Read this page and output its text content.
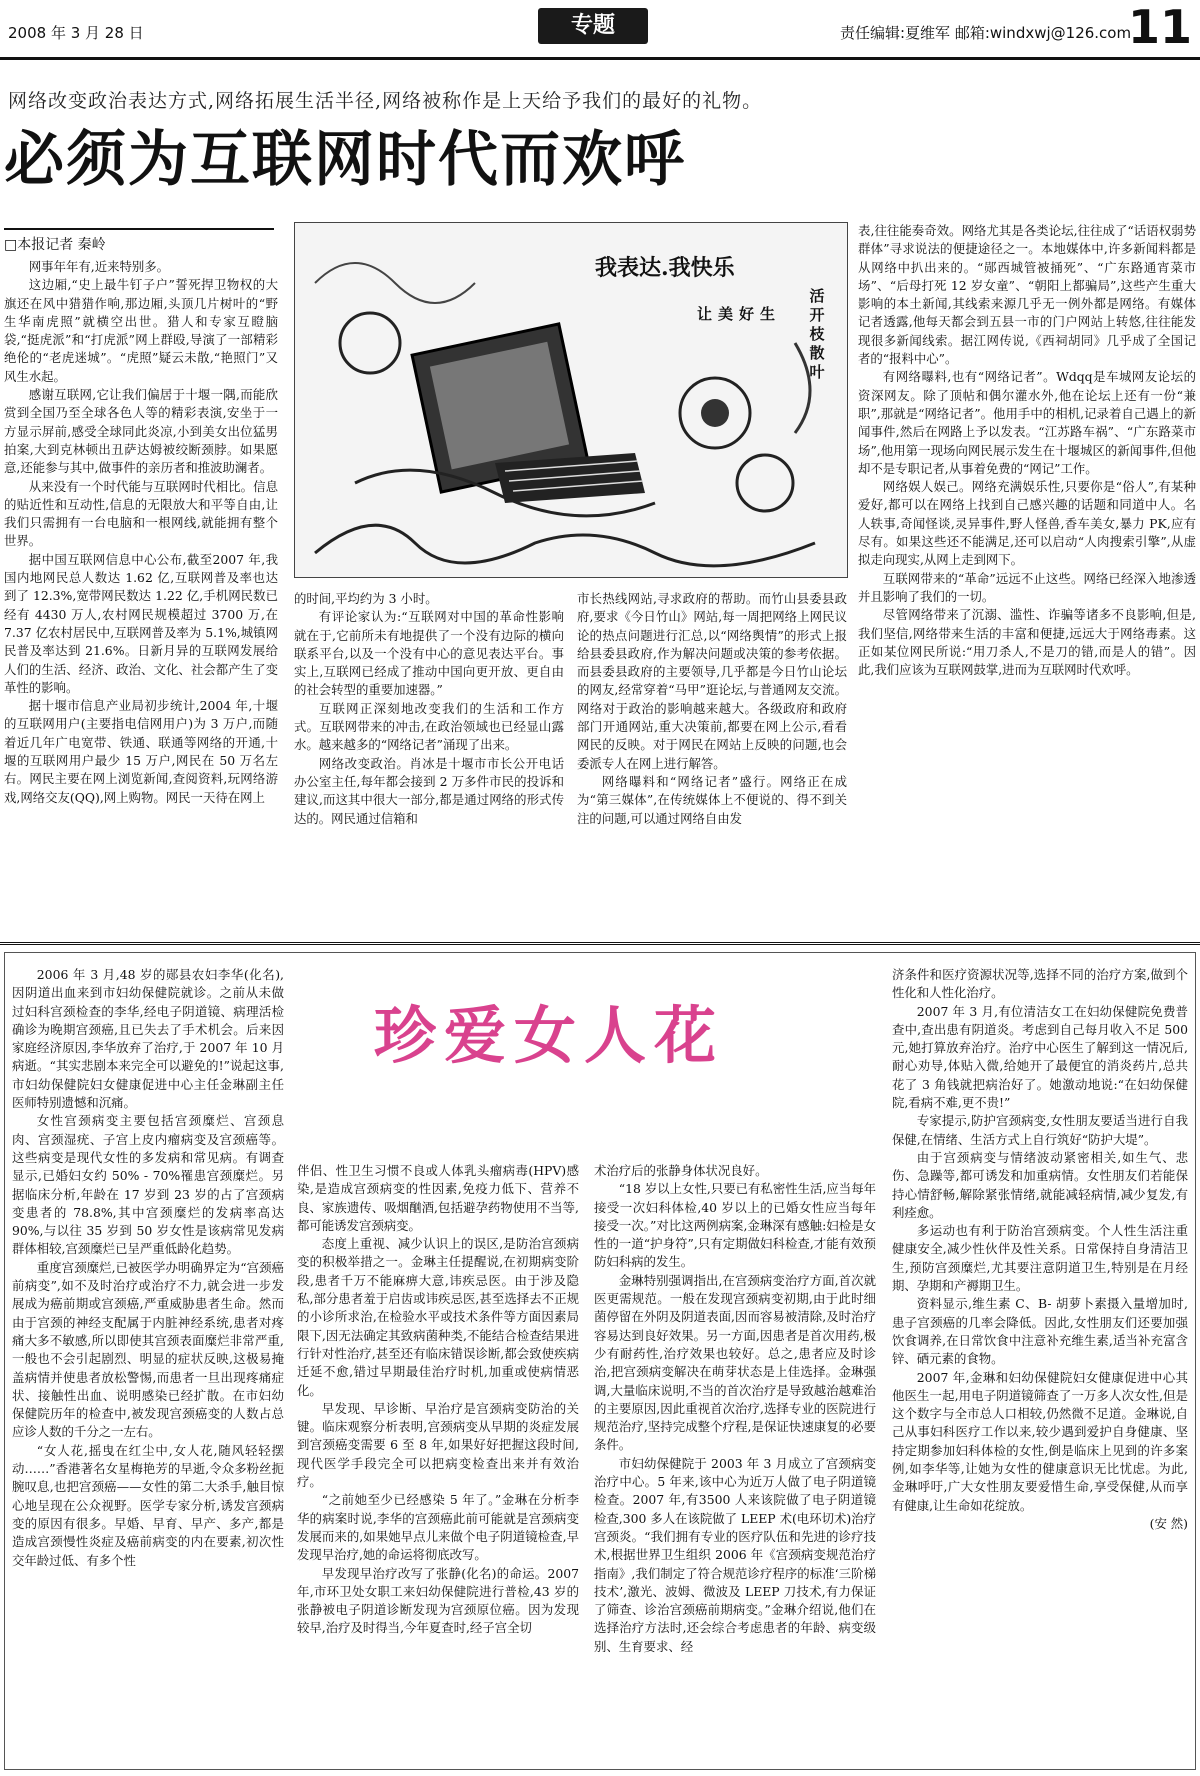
2008 年 3 月 28 日	专题	责任编辑:夏维军 邮箱:windxwj@126.com
11
网络改变政治表达方式,网络拓展生活半径,网络被称作是上天给予我们的最好的礼物。
必须为互联网时代而欢呼
□本报记者 秦岭

网事年年有,近来特别多。

这边厢,“史上最牛钉子户”誓死捍卫物权的大旗还在风中猎猎作响,那边厢,头顶几片树叶的“野生华南虎照”就横空出世。猎人和专家互瞪脑袋,“挺虎派”和“打虎派”网上群殴,导演了一部精彩绝伦的“老虎迷城”。“虎照”疑云未散,“艳照门”又风生水起。

感谢互联网,它让我们偏居于十堰一隅,而能欣赏到全国乃至全球各色人等的精彩表演,安坐于一方显示屏前,感受全球同此炎凉,小到美女出位猛男拍案,大到克林顿出丑萨达姆被绞断颈脖。如果愿意,还能参与其中,做事件的亲历者和推波助澜者。

从来没有一个时代能与互联网时代相比。信息的贴近性和互动性,信息的无限放大和平等自由,让我们只需拥有一台电脑和一根网线,就能拥有整个世界。

据中国互联网信息中心公布,截至2007 年,我国内地网民总人数达 1.62 亿,互联网普及率也达到了 12.3%,宽带网民数达 1.22 亿,手机网民数已经有 4430 万人,农村网民规模超过 3700 万,在 7.37 亿农村居民中,互联网普及率为 5.1%,城镇网民普及率达到 21.6%。日新月异的互联网发展给人们的生活、经济、政治、文化、社会都产生了变革性的影响。

据十堰市信息产业局初步统计,2004 年,十堰的互联网用户(主要指电信网用户)为 3 万户,而随着近几年广电宽带、铁通、联通等网络的开通,十堰的互联网用户最少 15 万户,网民在 50 万名左右。网民主要在网上浏览新闻,查阅资料,玩网络游戏,网络交友(QQ),网上购物。网民一天待在网上

我表达.我快乐
让美好生
活开枝散叶

的时间,平均约为 3 小时。

有评论家认为:“互联网对中国的革命性影响就在于,它前所未有地提供了一个没有边际的横向联系平台,以及一个没有中心的意见表达平台。事实上,互联网已经成了推动中国向更开放、更自由的社会转型的重要加速器。”

互联网正深刻地改变我们的生活和工作方式。互联网带来的冲击,在政治领域也已经显山露水。越来越多的“网络记者”涌现了出来。

网络改变政治。肖冰是十堰市市长公开电话办公室主任,每年都会接到 2 万多件市民的投诉和建议,而这其中很大一部分,都是通过网络的形式传达的。网民通过信箱和

市长热线网站,寻求政府的帮助。而竹山县委县政府,要求《今日竹山》网站,每一周把网络上网民议论的热点问题进行汇总,以“网络舆情”的形式上报给县委县政府,作为解决问题或决策的参考依据。而县委县政府的主要领导,几乎都是今日竹山论坛的网友,经常穿着“马甲”逛论坛,与普通网友交流。网络对于政治的影响越来越大。各级政府和政府部门开通网站,重大决策前,都要在网上公示,看看网民的反映。对于网民在网站上反映的问题,也会委派专人在网上进行解答。

网络曝料和“网络记者”盛行。网络正在成为“第三媒体”,在传统媒体上不便说的、得不到关注的问题,可以通过网络自由发

表,往往能奏奇效。网络尤其是各类论坛,往往成了“话语权弱势群体”寻求说法的便捷途径之一。本地媒体中,许多新闻料都是从网络中扒出来的。“郧西城管被捅死”、“广东路通宵菜市场”、“后母打死 12 岁女童”、“朝阳上都骗局”,这些产生重大影响的本土新闻,其线索来源几乎无一例外都是网络。有媒体记者透露,他每天都会到五县一市的门户网站上转悠,往往能发现很多新闻线索。据江网传说,《西祠胡同》几乎成了全国记者的“报料中心”。

有网络曝料,也有“网络记者”。Wdqq是车城网友论坛的资深网友。除了顶帖和偶尔灌水外,他在论坛上还有一份“兼职”,那就是“网络记者”。他用手中的相机,记录着自己遇上的新闻事件,然后在网路上予以发表。“江苏路车祸”、“广东路菜市场”,他用第一现场向网民展示发生在十堰城区的新闻事件,但他却不是专职记者,从事着免费的“网记”工作。

网络娱人娱己。网络充满娱乐性,只要你是“俗人”,有某种爱好,都可以在网络上找到自己感兴趣的话题和同道中人。名人轶事,奇闻怪谈,灵异事件,野人怪兽,香车美女,暴力 PK,应有尽有。如果这些还不能满足,还可以启动“人肉搜索引擎”,从虚拟走向现实,从网上走到网下。

互联网带来的“革命”远远不止这些。网络已经深入地渗透并且影响了我们的一切。

尽管网络带来了沉溺、滥性、诈骗等诸多不良影响,但是,我们坚信,网络带来生活的丰富和便捷,远远大于网络毒素。这正如某位网民所说:“用刀杀人,不是刀的错,而是人的错”。因此,我们应该为互联网鼓掌,进而为互联网时代欢呼。

珍爱女人花

2006 年 3 月,48 岁的郧县农妇李华(化名),因阴道出血来到市妇幼保健院就诊。之前从未做过妇科宫颈检查的李华,经电子阴道镜、病理活检确诊为晚期宫颈癌,且已失去了手术机会。后来因家庭经济原因,李华放弃了治疗,于 2007 年 10 月病逝。“其实悲剧本来完全可以避免的!”说起这事,市妇幼保健院妇女健康促进中心主任金琳副主任医师特别遗憾和沉痛。

女性宫颈病变主要包括宫颈糜烂、宫颈息肉、宫颈湿疣、子宫上皮内瘤病变及宫颈癌等。这些病变是现代女性的多发病和常见病。有调查显示,已婚妇女约 50% - 70%罹患宫颈糜烂。另据临床分析,年龄在 17 岁到 23 岁的占了宫颈病变患者的 78.8%,其中宫颈糜烂的发病率高达 90%,与以往 35 岁到 50 岁女性是该病常见发病群体相较,宫颈糜烂已呈严重低龄化趋势。

重度宫颈糜烂,已被医学办明确界定为“宫颈癌前病变”,如不及时治疗或治疗不力,就会进一步发展成为癌前期或宫颈癌,严重威胁患者生命。然而由于宫颈的神经支配属于内脏神经系统,患者对疼痛大多不敏感,所以即使其宫颈表面糜烂非常严重,一般也不会引起剧烈、明显的症状反映,这极易掩盖病情并使患者放松警惕,而患者一旦出现疼痛症状、接触性出血、说明感染已经扩散。在市妇幼保健院历年的检查中,被发现宫颈癌变的人数占总应诊人数的千分之一左右。

“女人花,摇曳在红尘中,女人花,随风轻轻摆动……”香港著名女星梅艳芳的早逝,令众多粉丝扼腕叹息,也把宫颈癌——女性的第二大杀手,触目惊心地呈现在公众视野。医学专家分析,诱发宫颈病变的原因有很多。早婚、早育、早产、多产,都是造成宫颈慢性炎症及癌前病变的内在要素,初次性交年龄过低、有多个性

伴侣、性卫生习惯不良或人体乳头瘤病毒(HPV)感染,是造成宫颈病变的性因素,免疫力低下、营养不良、家族遗传、吸烟酗酒,包括避孕药物使用不当等,都可能诱发宫颈病变。

态度上重视、减少认识上的误区,是防治宫颈病变的积极举措之一。金琳主任提醒说,在初期病变阶段,患者千万不能麻痹大意,讳疾忌医。由于涉及隐私,部分患者羞于启齿或讳疾忌医,甚至选择去不正规的小诊所求治,在检验水平或技术条件等方面因素局限下,因无法确定其致病菌种类,不能结合检查结果进行针对性治疗,甚至还有临床错误诊断,都会致使疾病迁延不愈,错过早期最佳治疗时机,加重或使病情恶化。

早发现、早诊断、早治疗是宫颈病变防治的关键。临床观察分析表明,宫颈病变从早期的炎症发展到宫颈癌变需要 6 至 8 年,如果好好把握这段时间,现代医学手段完全可以把病变检查出来并有效治疗。

“之前她至少已经感染 5 年了。”金琳在分析李华的病案时说,李华的宫颈癌此前可能就是宫颈病变发展而来的,如果她早点儿来做个电子阴道镜检查,早发现早治疗,她的命运将彻底改写。

早发现早治疗改写了张静(化名)的命运。2007 年,市环卫处女职工来妇幼保健院进行普检,43 岁的张静被电子阴道诊断发现为宫颈原位癌。因为发现较早,治疗及时得当,今年夏查时,经子宫全切

术治疗后的张静身体状况良好。

“18 岁以上女性,只要已有私密性生活,应当每年接受一次妇科体检,40 岁以上的已婚女性应当每年接受一次。”对比这两例病案,金琳深有感触:妇检是女性的一道“护身符”,只有定期做妇科检查,才能有效预防妇科病的发生。

金琳特别强调指出,在宫颈病变治疗方面,首次就医更需规范。一般在发现宫颈病变初期,由于此时细菌停留在外阴及阴道表面,因而容易被清除,及时治疗容易达到良好效果。另一方面,因患者是首次用药,极少有耐药性,治疗效果也较好。总之,患者应及时诊治,把宫颈病变解决在萌芽状态是上佳选择。金琳强调,大量临床说明,不当的首次治疗是导致越治越难治的主要原因,因此重视首次治疗,选择专业的医院进行规范治疗,坚持完成整个疗程,是保证快速康复的必要条件。

市妇幼保健院于 2003 年 3 月成立了宫颈病变治疗中心。5 年来,该中心为近万人做了电子阴道镜检查。2007 年,有3500 人来该院做了电子阴道镜检查,300 多人在该院做了 LEEP 术(电环切术)治疗宫颈炎。“我们拥有专业的医疗队伍和先进的诊疗技术,根据世界卫生组织 2006 年《宫颈病变规范治疗指南》,我们制定了符合规范诊疗程序的标准‘三阶梯技术’,激光、波姆、微波及 LEEP 刀技术,有力保证了筛查、诊治宫颈癌前期病变。”金琳介绍说,他们在选择治疗方法时,还会综合考虑患者的年龄、病变级别、生育要求、经

济条件和医疗资源状况等,选择不同的治疗方案,做到个性化和人性化治疗。

2007 年 3 月,有位清洁女工在妇幼保健院免费普查中,查出患有阴道炎。考虑到自己每月收入不足 500 元,她打算放弃治疗。治疗中心医生了解到这一情况后,耐心劝导,体贴入微,给她开了最便宜的消炎药片,总共花了 3 角钱就把病治好了。她激动地说:“在妇幼保健院,看病不难,更不贵!”

专家提示,防护宫颈病变,女性朋友要适当进行自我保健,在情绪、生活方式上自行筑好“防护大堤”。

由于宫颈病变与情绪波动紧密相关,如生气、悲伤、急躁等,都可诱发和加重病情。女性朋友们若能保持心情舒畅,解除紧张情绪,就能减轻病情,减少复发,有利痊愈。

多运动也有利于防治宫颈病变。个人性生活注重健康安全,减少性伙伴及性关系。日常保持自身清洁卫生,预防宫颈糜烂,尤其要注意阴道卫生,特别是在月经期、孕期和产褥期卫生。

资料显示,维生素 C、B- 胡萝卜素摄入量增加时,患子宫颈癌的几率会降低。因此,女性朋友们还要加强饮食调养,在日常饮食中注意补充维生素,适当补充富含锌、硒元素的食物。

2007 年,金琳和妇幼保健院妇女健康促进中心其他医生一起,用电子阴道镜筛查了一万多人次女性,但是这个数字与全市总人口相较,仍然微不足道。金琳说,自己从事妇科医疗工作以来,较少遇到爱护自身健康、坚持定期参加妇科体检的女性,倒是临床上见到的许多案例,如李华等,让她为女性的健康意识无比忧虑。为此,金琳呼吁,广大女性朋友要爱惜生命,享受保健,从而享有健康,让生命如花绽放。

(安 然)
